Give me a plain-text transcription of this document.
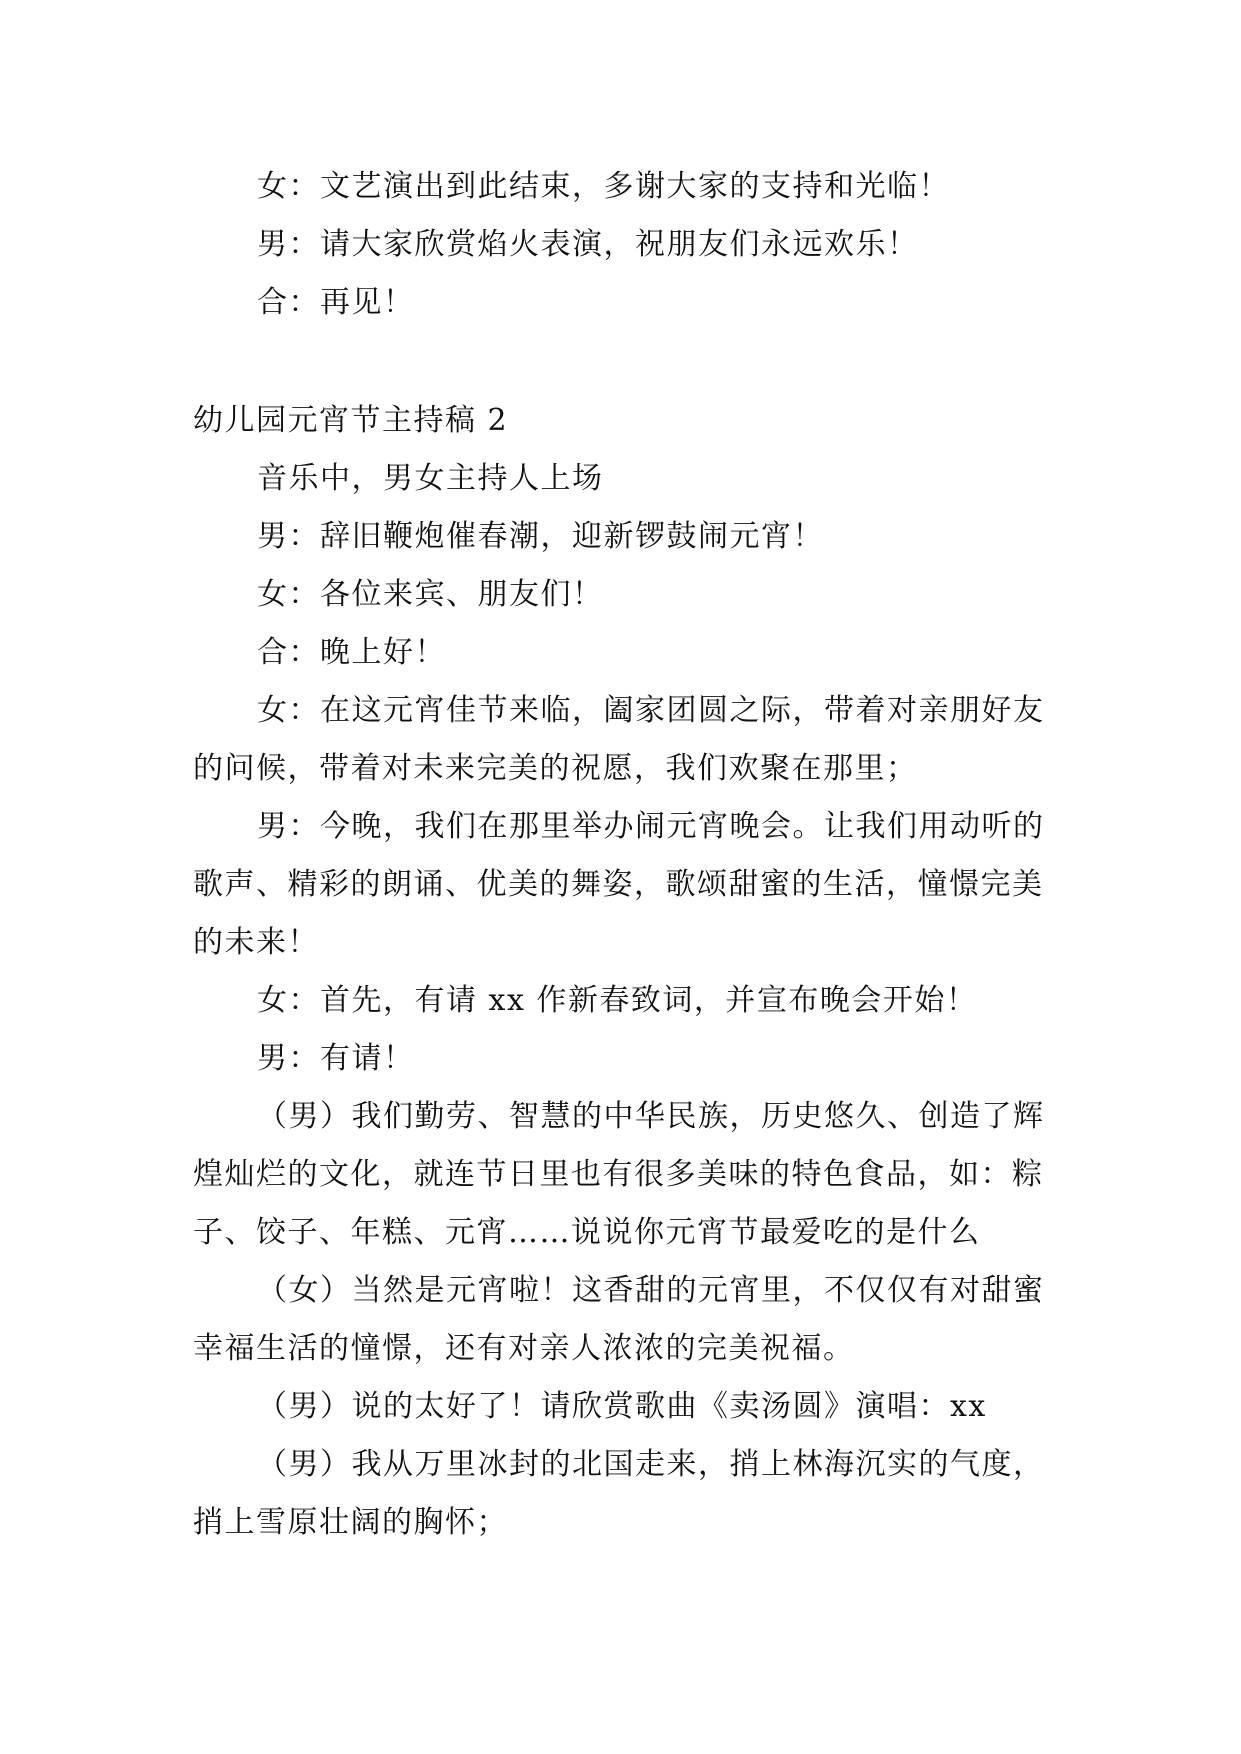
女：文艺演出到此结束，多谢大家的支持和光临！

男：请大家欣赏焰火表演，祝朋友们永远欢乐！

合：再见！

幼儿园元宵节主持稿 2

音乐中，男女主持人上场

男：辞旧鞭炮催春潮，迎新锣鼓闹元宵！

女：各位来宾、朋友们！

合：晚上好！

女：在这元宵佳节来临，阖家团圆之际，带着对亲朋好友的问候，带着对未来完美的祝愿，我们欢聚在那里；

男：今晚，我们在那里举办闹元宵晚会。让我们用动听的歌声、精彩的朗诵、优美的舞姿，歌颂甜蜜的生活，憧憬完美的未来！

女：首先，有请 xx 作新春致词，并宣布晚会开始！

男：有请！

（男）我们勤劳、智慧的中华民族，历史悠久、创造了辉煌灿烂的文化，就连节日里也有很多美味的特色食品，如：粽子、饺子、年糕、元宵……说说你元宵节最爱吃的是什么

（女）当然是元宵啦！这香甜的元宵里，不仅仅有对甜蜜幸福生活的憧憬，还有对亲人浓浓的完美祝福。

（男）说的太好了！请欣赏歌曲《卖汤圆》演唱：xx

（男）我从万里冰封的北国走来，捎上林海沉实的气度，捎上雪原壮阔的胸怀；
